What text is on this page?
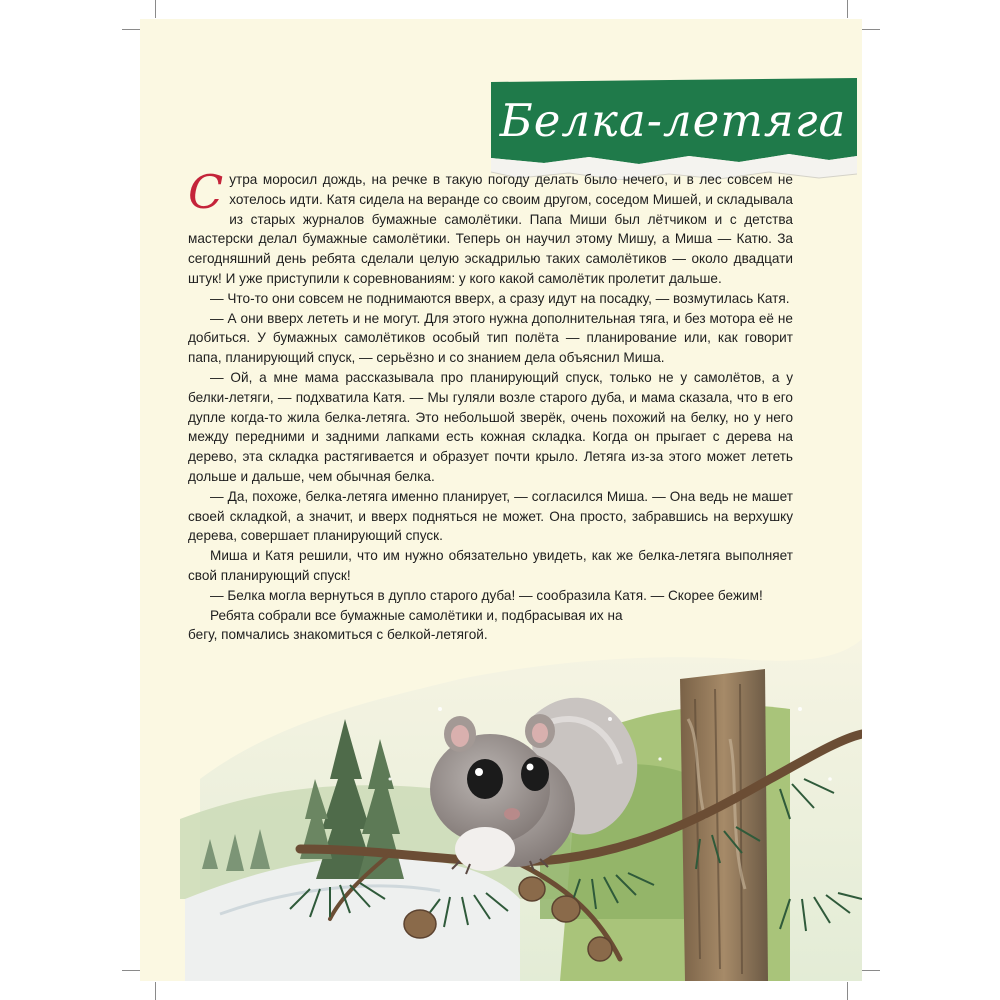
Белка-летяга

Сутра моросил дождь, на речке в такую погоду делать было нечего, и в лес совсем не хотелось идти. Катя сидела на веранде со своим другом, соседом Мишей, и складывала из старых журналов бумажные самолётики. Папа Миши был лётчиком и с детства мастерски делал бумажные самолётики. Теперь он научил этому Мишу, а Миша — Катю. За сегодняшний день ребята сделали целую эскадрилью таких самолётиков — около двадцати штук! И уже приступили к соревнованиям: у кого какой самолётик пролетит дальше.

— Что-то они совсем не поднимаются вверх, а сразу идут на посадку, — возмутилась Катя.

— А они вверх лететь и не могут. Для этого нужна дополнительная тяга, и без мотора её не добиться. У бумажных самолётиков особый тип полёта — планирование или, как говорит папа, планирующий спуск, — серьёзно и со знанием дела объяснил Миша.

— Ой, а мне мама рассказывала про планирующий спуск, только не у самолётов, а у белки-летяги, — подхватила Катя. — Мы гуляли возле старого дуба, и мама сказала, что в его дупле когда-то жила белка-летяга. Это небольшой зверёк, очень похожий на белку, но у него между передними и задними лапками есть кожная складка. Когда он прыгает с дерева на дерево, эта складка растягивается и образует почти крыло. Летяга из-за этого может лететь дольше и дальше, чем обычная белка.

— Да, похоже, белка-летяга именно планирует, — согласился Миша. — Она ведь не машет своей складкой, а значит, и вверх подняться не может. Она просто, забравшись на верхушку дерева, совершает планирующий спуск.

Миша и Катя решили, что им нужно обязательно увидеть, как же белка-летяга выполняет свой планирующий спуск!

— Белка могла вернуться в дупло старого дуба! — сообразила Катя. — Скорее бежим!

Ребята собрали все бумажные самолётики и, подбрасывая их на бегу, помчались знакомиться с белкой-летягой.
